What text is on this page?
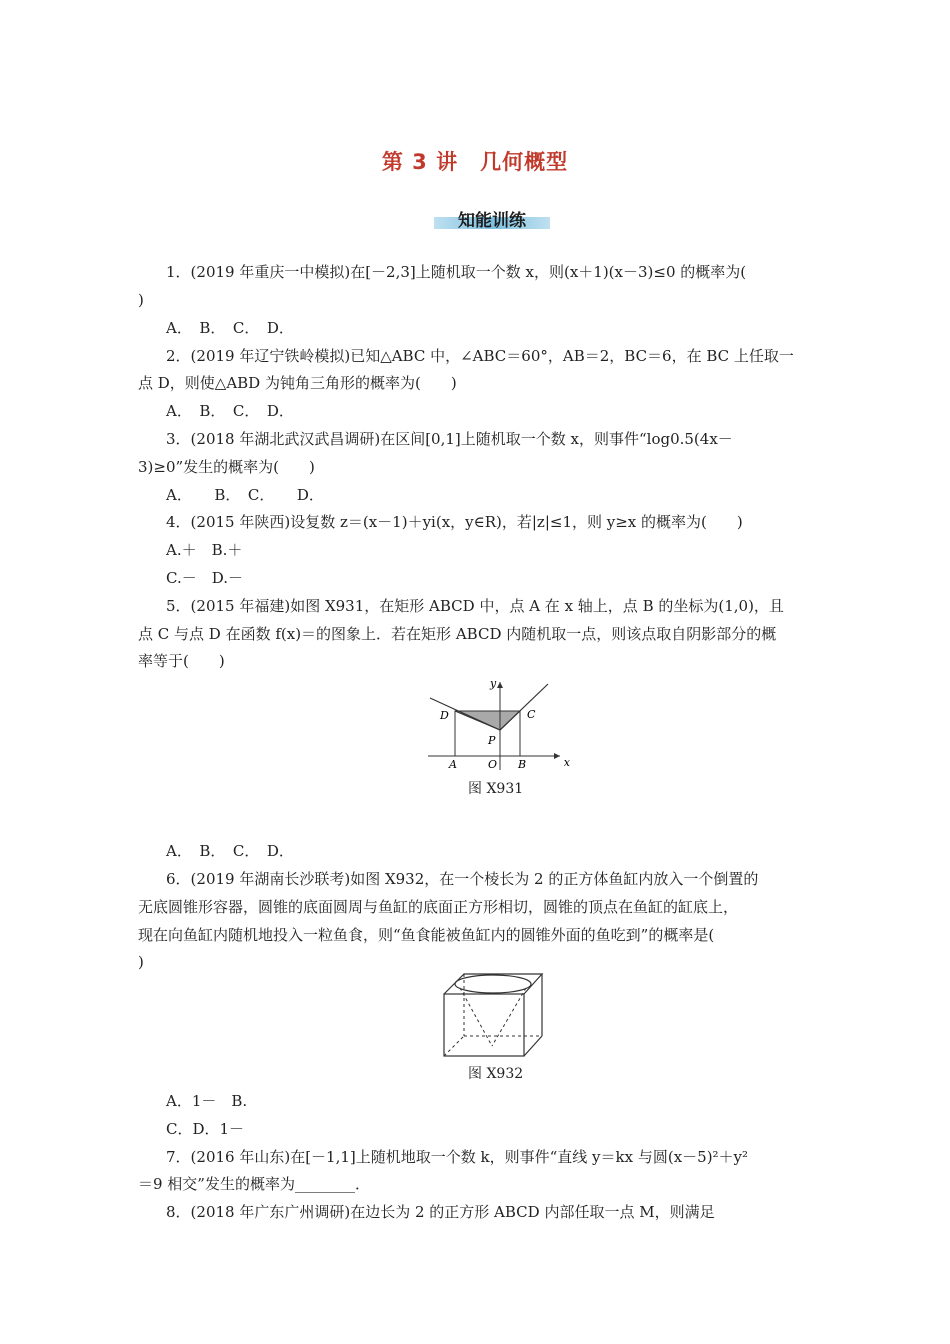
第 3 讲　几何概型
知能训练
1．(2019 年重庆一中模拟)在[－2,3]上随机取一个数 x，则(x＋1)(x－3)≤0 的概率为(
)
A．　B．　C．　D．
2．(2019 年辽宁铁岭模拟)已知△ABC 中，∠ABC＝60°，AB＝2，BC＝6，在 BC 上任取一
点 D，则使△ABD 为钝角三角形的概率为(　　)
A．　B．　C．　D．
3．(2018 年湖北武汉武昌调研)在区间[0,1]上随机取一个数 x，则事件“log0.5(4x－
3)≥0”发生的概率为(　　)
A．　　B．　C．　　D．
4．(2015 年陕西)设复数 z＝(x－1)＋yi(x，y∈R)，若|z|≤1，则 y≥x 的概率为(　　)
A.＋　B.＋
C.－　D.－
5．(2015 年福建)如图 X931，在矩形 ABCD 中，点 A 在 x 轴上，点 B 的坐标为(1,0)，且
点 C 与点 D 在函数 f(x)＝的图象上．若在矩形 ABCD 内随机取一点，则该点取自阴影部分的概
率等于(　　)
y
x
D	C
P
A	O B
图 X931
A．　B．　C．　D．
6．(2019 年湖南长沙联考)如图 X932，在一个棱长为 2 的正方体鱼缸内放入一个倒置的
无底圆锥形容器，圆锥的底面圆周与鱼缸的底面正方形相切，圆锥的顶点在鱼缸的缸底上，
现在向鱼缸内随机地投入一粒鱼食，则“鱼食能被鱼缸内的圆锥外面的鱼吃到”的概率是(
)
图 X932
A．1－　B.
C．D．1－
7．(2016 年山东)在[－1,1]上随机地取一个数 k，则事件“直线 y＝kx 与圆(x－5)²＋y²
＝9 相交”发生的概率为________．
8．(2018 年广东广州调研)在边长为 2 的正方形 ABCD 内部任取一点 M，则满足
